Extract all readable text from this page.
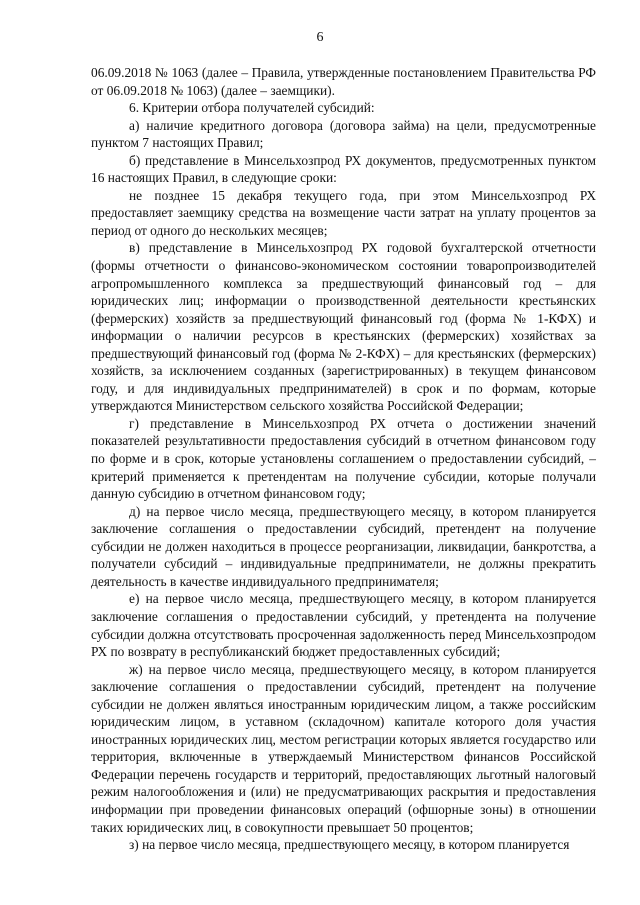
6

06.09.2018 № 1063 (далее – Правила, утвержденные постановлением Правительства РФ от 06.09.2018 № 1063) (далее – заемщики).

6. Критерии отбора получателей субсидий:

а) наличие кредитного договора (договора займа) на цели, предусмотренные пунктом 7 настоящих Правил;

б) представление в Минсельхозпрод РХ документов, предусмотренных пунктом 16 настоящих Правил, в следующие сроки:

не позднее 15 декабря текущего года, при этом Минсельхозпрод РХ предоставляет заемщику средства на возмещение части затрат на уплату процентов за период от одного до нескольких месяцев;

в) представление в Минсельхозпрод РХ годовой бухгалтерской отчетности (формы отчетности о финансово-экономическом состоянии товаропроизводителей агропромышленного комплекса за предшествующий финансовый год – для юридических лиц; информации о производственной деятельности крестьянских (фермерских) хозяйств за предшествующий финансовый год (форма № 1-КФХ) и информации о наличии ресурсов в крестьянских (фермерских) хозяйствах за предшествующий финансовый год (форма № 2-КФХ) – для крестьянских (фермерских) хозяйств, за исключением созданных (зарегистрированных) в текущем финансовом году, и для индивидуальных предпринимателей) в срок и по формам, которые утверждаются Министерством сельского хозяйства Российской Федерации;

г) представление в Минсельхозпрод РХ отчета о достижении значений показателей результативности предоставления субсидий в отчетном финансовом году по форме и в срок, которые установлены соглашением о предоставлении субсидий, – критерий применяется к претендентам на получение субсидии, которые получали данную субсидию в отчетном финансовом году;

д) на первое число месяца, предшествующего месяцу, в котором планируется заключение соглашения о предоставлении субсидий, претендент на получение субсидии не должен находиться в процессе реорганизации, ликвидации, банкротства, а получатели субсидий – индивидуальные предприниматели, не должны прекратить деятельность в качестве индивидуального предпринимателя;

е) на первое число месяца, предшествующего месяцу, в котором планируется заключение соглашения о предоставлении субсидий, у претендента на получение субсидии должна отсутствовать просроченная задолженность перед Минсельхозпродом РХ по возврату в республиканский бюджет предоставленных субсидий;

ж) на первое число месяца, предшествующего месяцу, в котором планируется заключение соглашения о предоставлении субсидий, претендент на получение субсидии не должен являться иностранным юридическим лицом, а также российским юридическим лицом, в уставном (складочном) капитале которого доля участия иностранных юридических лиц, местом регистрации которых является государство или территория, включенные в утверждаемый Министерством финансов Российской Федерации перечень государств и территорий, предоставляющих льготный налоговый режим налогообложения и (или) не предусматривающих раскрытия и предоставления информации при проведении финансовых операций (офшорные зоны) в отношении таких юридических лиц, в совокупности превышает 50 процентов;

з) на первое число месяца, предшествующего месяцу, в котором планируется
